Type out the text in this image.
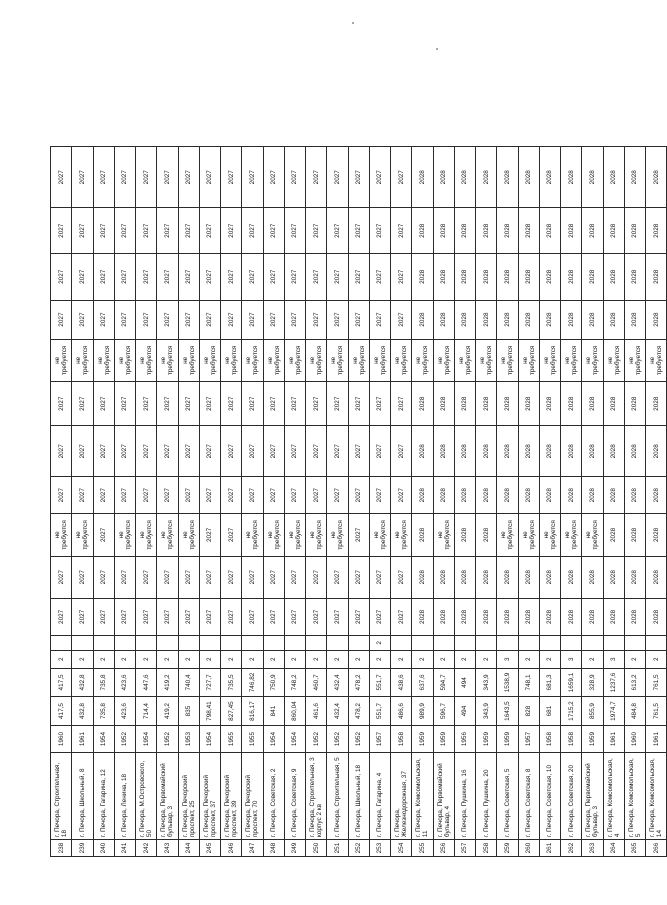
238	г. Печора, Строительная, 18	1960	417,5	417,5	2		2027	2027	не требуется	2027	2027	2027	не требуется	2027	2027	2027	2027
239	г. Печора, Школьный, 8	1961	432,8	432,8	2		2027	2027	не требуется	2027	2027	2027	не требуется	2027	2027	2027	2027
240	г. Печора, Гагарина, 12	1954	735,8	735,8	2		2027	2027	2027	2027	2027	2027	не требуется	2027	2027	2027	2027
241	г. Печора, Ленина, 18	1952	423,6	423,6	2		2027	2027	не требуется	2027	2027	2027	не требуется	2027	2027	2027	2027
242	г. Печора, М.Островского, 50	1954	714,4	447,6	2		2027	2027	не требуется	2027	2027	2027	не требуется	2027	2027	2027	2027
243	г. Печора, Первомайский бульвар, 3	1952	419,2	419,2	2		2027	2027	не требуется	2027	2027	2027	не требуется	2027	2027	2027	2027
244	г. Печора, Печорский проспект, 25	1953	835	740,4	2		2027	2027	не требуется	2027	2027	2027	не требуется	2027	2027	2027	2027
245	г. Печора, Печорский проспект, 37	1954	798,41	727,7	2		2027	2027	2027	2027	2027	2027	не требуется	2027	2027	2027	2027
246	г. Печора, Печорский проспект, 39	1955	827,45	735,5	2		2027	2027	2027	2027	2027	2027	не требуется	2027	2027	2027	2027
247	г. Печора, Печорский проспект, 70	1955	816,17	746,82	2		2027	2027	не требуется	2027	2027	2027	не требуется	2027	2027	2027	2027
248	г. Печора, Советская, 2	1954	841	750,9	2		2027	2027	не требуется	2027	2027	2027	не требуется	2027	2027	2027	2027
249	г. Печора, Советская, 9	1954	860,04	748,2	2		2027	2027	не требуется	2027	2027	2027	не требуется	2027	2027	2027	2027
250	г. Печора, Строительная, 3 корпус 2 кв	1952	461,6	460,7	2		2027	2027	не требуется	2027	2027	2027	не требуется	2027	2027	2027	2027
251	г. Печора, Строительная, 5	1952	432,4	432,4	2		2027	2027	не требуется	2027	2027	2027	не требуется	2027	2027	2027	2027
252	г. Печора, Школьный, 18	1952	478,2	478,2	2		2027	2027	2027	2027	2027	2027	не требуется	2027	2027	2027	2027
253	г. Печора, Гагарина, 4	1957	551,7	551,7	2	2	2027	2027	не требуется	2027	2027	2027	не требуется	2027	2027	2027	2027
254	г. Печора, Железнодорожная, 37	1958	486,6	438,6	2		2027	2027	не требуется	2027	2027	2027	не требуется	2027	2027	2027	2027
255	г. Печора, Комсомольская, 11	1959	989,9	637,6	2		2028	2028	2028	2028	2028	2028	не требуется	2028	2028	2028	2028
256	г. Печора, Первомайский бульвар, 4	1959	596,7	594,7	2		2028	2028	не требуется	2028	2028	2028	не требуется	2028	2028	2028	2028
257	г. Печора, Пушкина, 16	1956	494	494	2		2028	2028	2028	2028	2028	2028	не требуется	2028	2028	2028	2028
258	г. Печора, Пушкина, 20	1959	343,9	343,9	2		2028	2028	2028	2028	2028	2028	не требуется	2028	2028	2028	2028
259	г. Печора, Советская, 5	1959	1643,5	1538,9	3		2028	2028	не требуется	2028	2028	2028	не требуется	2028	2028	2028	2028
260	г. Печора, Советская, 8	1957	828	748,1	2		2028	2028	не требуется	2028	2028	2028	не требуется	2028	2028	2028	2028
261	г. Печора, Советская, 10	1958	681	681,3	2		2028	2028	не требуется	2028	2028	2028	не требуется	2028	2028	2028	2028
262	г. Печора, Советская, 20	1958	1715,2	1659,1	3		2028	2028	не требуется	2028	2028	2028	не требуется	2028	2028	2028	2028
263	г. Печора, Первомайский бульвар, 3	1959	855,9	328,9	2		2028	2028	не требуется	2028	2028	2028	не требуется	2028	2028	2028	2028
264	г. Печора, Комсомольская, 4	1961	1974,7	1237,6	3		2028	2028	2028	2028	2028	2028	не требуется	2028	2028	2028	2028
265	г. Печора, Комсомольская, 5	1960	484,8	613,2	2		2028	2028	2028	2028	2028	2028	не требуется	2028	2028	2028	2028
266	г. Печора, Комсомольская, 14	1961	761,5	761,5	2		2028	2028	2028	2028	2028	2028	не требуется	2028	2028	2028	2028
